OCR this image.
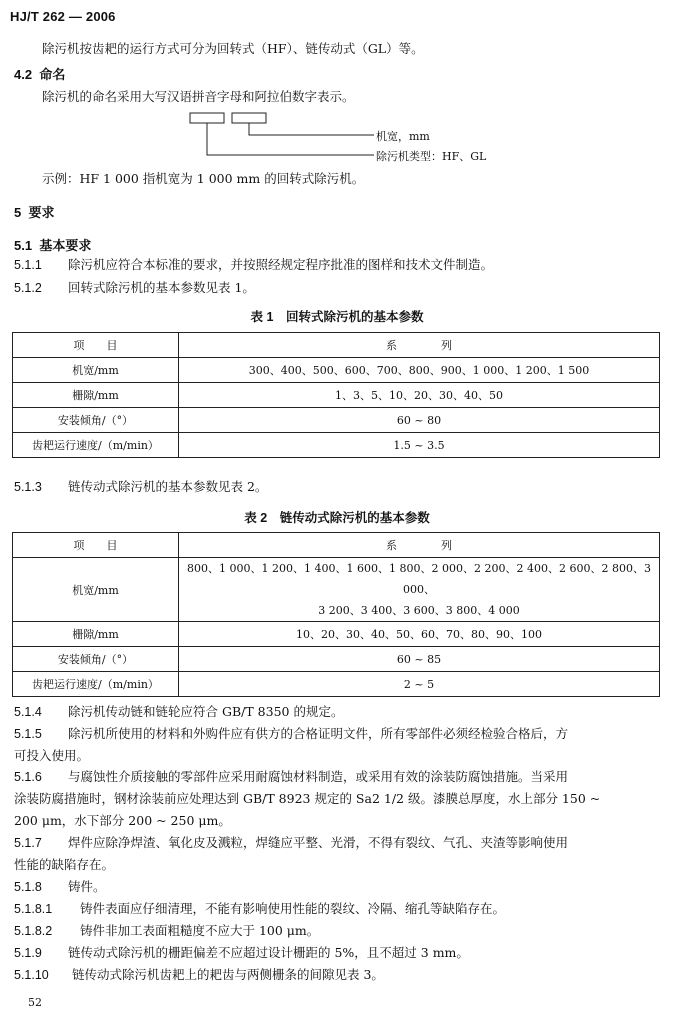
HJ/T 262 — 2006
除污机按齿耙的运行方式可分为回转式（HF）、链传动式（GL）等。
4.2 命名
除污机的命名采用大写汉语拼音字母和阿拉伯数字表示。
机宽，mm
除污机类型：HF、GL
示例：HF 1 000 指机宽为 1 000 mm 的回转式除污机。
5 要求
5.1 基本要求
5.1.1 除污机应符合本标准的要求，并按照经规定程序批准的图样和技术文件制造。
5.1.2 回转式除污机的基本参数见表 1。
表 1　回转式除污机的基本参数
项　　目	系　　　　列
机宽/mm	300、400、500、600、700、800、900、1 000、1 200、1 500
栅隙/mm	1、3、5、10、20、30、40、50
安装倾角/（°）	60 ~ 80
齿耙运行速度/（m/min）	1.5 ~ 3.5
5.1.3 链传动式除污机的基本参数见表 2。
表 2　链传动式除污机的基本参数
项　　目	系　　　　列
机宽/mm	800、1 000、1 200、1 400、1 600、1 800、2 000、2 200、2 400、2 600、2 800、3 000、
3 200、3 400、3 600、3 800、4 000

栅隙/mm	10、20、30、40、50、60、70、80、90、100
安装倾角/（°）	60 ~ 85
齿耙运行速度/（m/min）	2 ~ 5
5.1.4 除污机传动链和链轮应符合 GB/T 8350 的规定。
5.1.5 除污机所使用的材料和外购件应有供方的合格证明文件，所有零部件必须经检验合格后，方
可投入使用。
5.1.6 与腐蚀性介质接触的零部件应采用耐腐蚀材料制造，或采用有效的涂装防腐蚀措施。当采用
涂装防腐措施时，钢材涂装前应处理达到 GB/T 8923 规定的 Sa2 1/2 级。漆膜总厚度，水上部分 150 ~
200 μm，水下部分 200 ~ 250 μm。
5.1.7 焊件应除净焊渣、氧化皮及溅粒，焊缝应平整、光滑，不得有裂纹、气孔、夹渣等影响使用
性能的缺陷存在。
5.1.8 铸件。
5.1.8.1 铸件表面应仔细清理，不能有影响使用性能的裂纹、冷隔、缩孔等缺陷存在。
5.1.8.2 铸件非加工表面粗糙度不应大于 100 μm。
5.1.9 链传动式除污机的栅距偏差不应超过设计栅距的 5%，且不超过 3 mm。
5.1.10 链传动式除污机齿耙上的耙齿与两侧栅条的间隙见表 3。
52
